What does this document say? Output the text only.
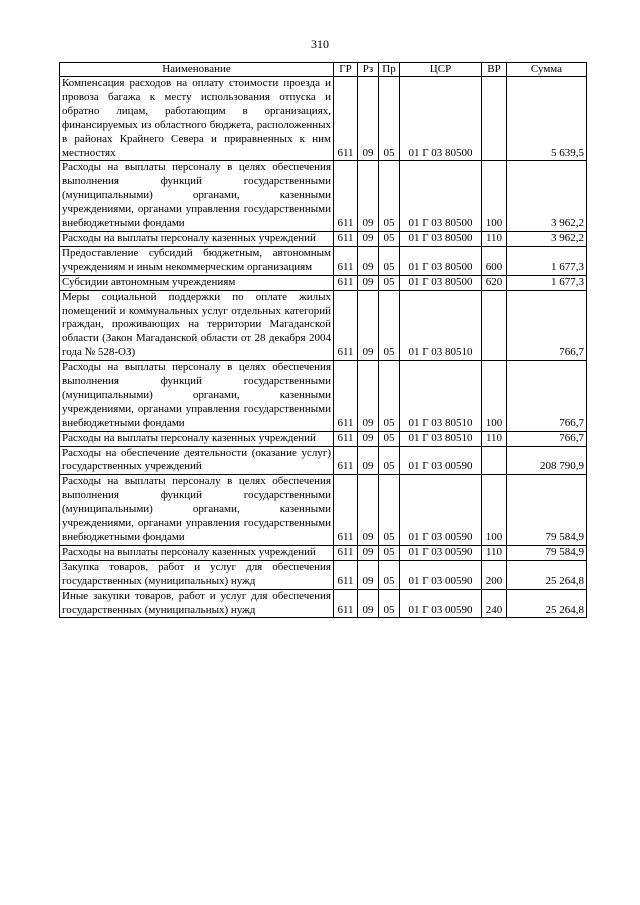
310
Наименование	ГР	Рз	Пр	ЦСР	ВР	Сумма
Компенсация расходов на оплату стоимости проезда и провоза багажа к месту использования отпуска и обратно лицам, работающим в организациях, финансируемых из областного бюджета, расположенных в районах Крайнего Севера и приравненных к ним местностях	611	09	05	01 Г 03 80500		5 639,5
Расходы на выплаты персоналу в целях обеспечения выполнения функций государственными (муниципальными) органами, казенными учреждениями, органами управления государственными внебюджетными фондами	611	09	05	01 Г 03 80500	100	3 962,2
Расходы на выплаты персоналу казенных учреждений	611	09	05	01 Г 03 80500	110	3 962,2
Предоставление субсидий бюджетным, автономным учреждениям и иным некоммерческим организациям	611	09	05	01 Г 03 80500	600	1 677,3
Субсидии автономным учреждениям	611	09	05	01 Г 03 80500	620	1 677,3
Меры социальной поддержки по оплате жилых помещений и коммунальных услуг отдельных категорий граждан, проживающих на территории Магаданской области (Закон Магаданской области от 28 декабря 2004 года № 528-ОЗ)	611	09	05	01 Г 03 80510		766,7
Расходы на выплаты персоналу в целях обеспечения выполнения функций государственными (муниципальными) органами, казенными учреждениями, органами управления государственными внебюджетными фондами	611	09	05	01 Г 03 80510	100	766,7
Расходы на выплаты персоналу казенных учреждений	611	09	05	01 Г 03 80510	110	766,7
Расходы на обеспечение деятельности (оказание услуг) государственных учреждений	611	09	05	01 Г 03 00590		208 790,9
Расходы на выплаты персоналу в целях обеспечения выполнения функций государственными (муниципальными) органами, казенными учреждениями, органами управления государственными внебюджетными фондами	611	09	05	01 Г 03 00590	100	79 584,9
Расходы на выплаты персоналу казенных учреждений	611	09	05	01 Г 03 00590	110	79 584,9
Закупка товаров, работ и услуг для обеспечения государственных (муниципальных) нужд	611	09	05	01 Г 03 00590	200	25 264,8
Иные закупки товаров, работ и услуг для обеспечения государственных (муниципальных) нужд	611	09	05	01 Г 03 00590	240	25 264,8
